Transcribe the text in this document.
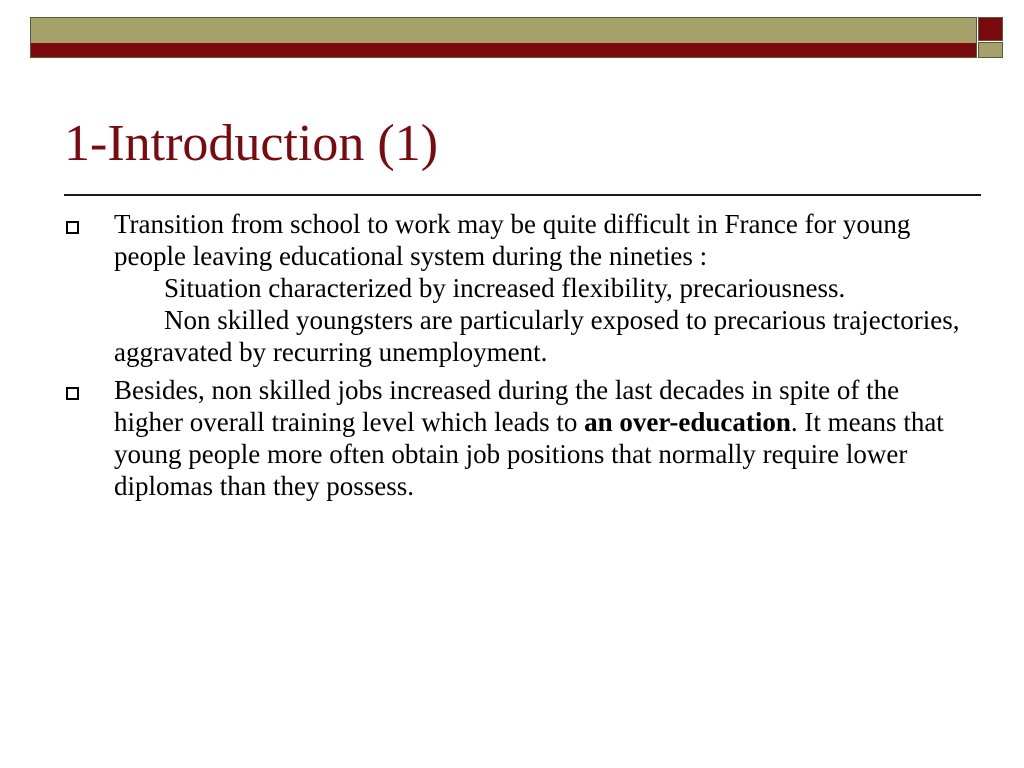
1-Introduction (1)

Transition from school to work may be quite difficult in France for young people leaving educational system during the nineties :

Situation characterized by increased flexibility, precariousness.

Non skilled youngsters are particularly exposed to precarious trajectories, aggravated by recurring unemployment.

Besides, non skilled jobs increased during the last decades in spite of the higher overall training level which leads to an over-education. It means that young people more often obtain job positions that normally require lower diplomas than they possess.
